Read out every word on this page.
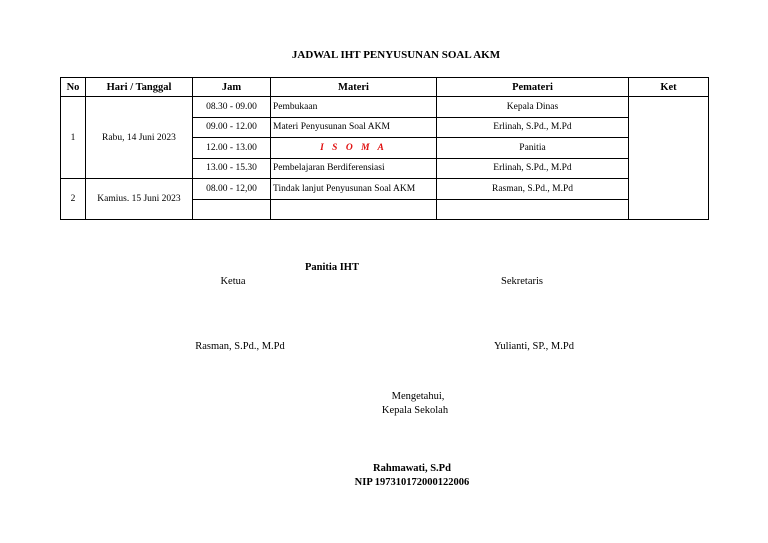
JADWAL IHT PENYUSUNAN SOAL AKM
No	Hari / Tanggal	Jam	Materi	Pemateri	Ket
1	Rabu, 14 Juni 2023	08.30 - 09.00	Pembukaan	Kepala Dinas	
		09.00 - 12.00	Materi Penyusunan Soal AKM	Erlinah, S.Pd., M.Pd	
		12.00 - 13.00	I S O M A	Panitia	
		13.00 - 15.30	Pembelajaran Berdiferensiasi	Erlinah, S.Pd., M.Pd	
2	Kamius. 15 Juni 2023	08.00 - 12,00	Tindak lanjut Penyusunan Soal AKM	Rasman, S.Pd., M.Pd	

Panitia IHT
Ketua	Sekretaris
Rasman, S.Pd., M.Pd	Yulianti, SP., M.Pd
Mengetahui,
Kepala Sekolah
Rahmawati, S.Pd
NIP 197310172000122006
